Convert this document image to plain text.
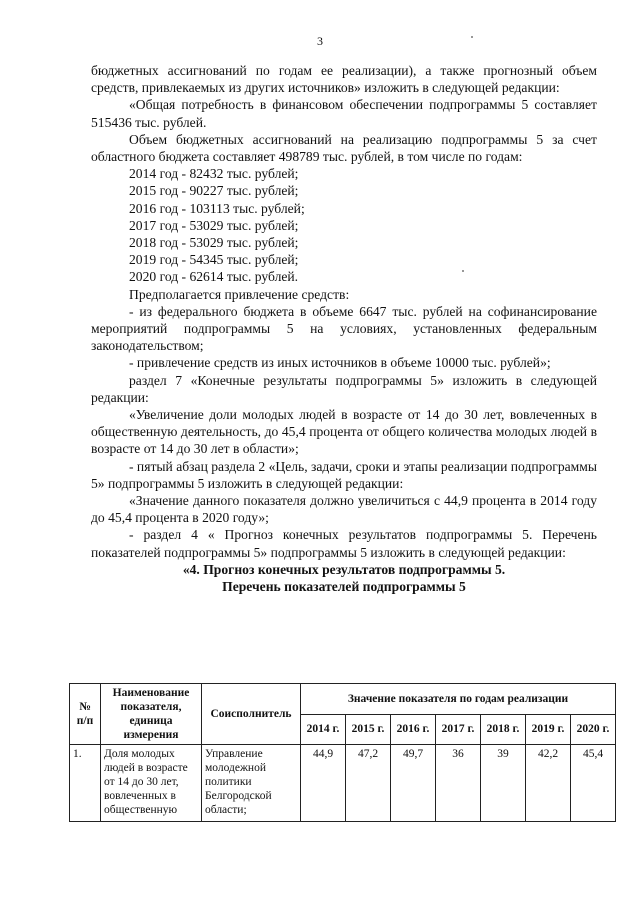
3

бюджетных ассигнований по годам ее реализации), а также прогнозный объем средств, привлекаемых из других источников» изложить в следующей редакции:

«Общая потребность в финансовом обеспечении подпрограммы 5 составляет 515436 тыс. рублей.

Объем бюджетных ассигнований на реализацию подпрограммы 5 за счет областного бюджета составляет 498789 тыс. рублей, в том числе по годам:

2014 год - 82432 тыс. рублей;

2015 год - 90227 тыс. рублей;

2016 год - 103113 тыс. рублей;

2017 год - 53029 тыс. рублей;

2018 год - 53029 тыс. рублей;

2019 год - 54345 тыс. рублей;

2020 год - 62614 тыс. рублей.

Предполагается привлечение средств:

- из федерального бюджета в объеме 6647 тыс. рублей на софинансирование мероприятий подпрограммы 5 на условиях, установленных федеральным законодательством;

- привлечение средств из иных источников в объеме 10000 тыс. рублей»;

раздел 7 «Конечные результаты подпрограммы 5» изложить в следующей редакции:

«Увеличение доли молодых людей в возрасте от 14 до 30 лет, вовлеченных в общественную деятельность, до 45,4 процента от общего количества молодых людей в возрасте от 14 до 30 лет в области»;

- пятый абзац раздела 2 «Цель, задачи, сроки и этапы реализации подпрограммы 5» подпрограммы 5 изложить в следующей редакции:

«Значение данного показателя должно увеличиться с 44,9 процента в 2014 году до 45,4 процента в 2020 году»;

- раздел 4 « Прогноз конечных результатов подпрограммы 5. Перечень показателей подпрограммы 5» подпрограммы 5 изложить в следующей редакции:

«4. Прогноз конечных результатов подпрограммы 5.

Перечень показателей подпрограммы 5

№ п/п	Наименование показателя, единица измерения	Соисполнитель	Значение показателя по годам реализации						
			2014 г.	2015 г.	2016 г.	2017 г.	2018 г.	2019 г.	2020 г.
1.	Доля молодых людей в возрасте от 14 до 30 лет, вовлеченных в общественную	Управление молодежной политики Белгородской области;	44,9	47,2	49,7	36	39	42,2	45,4
